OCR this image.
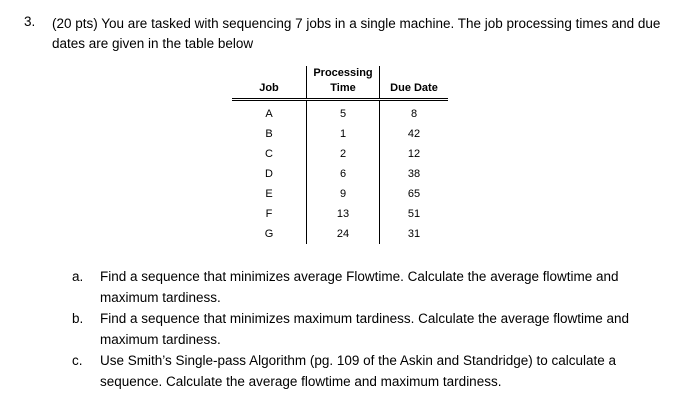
3. (20 pts) You are tasked with sequencing 7 jobs in a single machine. The job processing times and due dates are given in the table below
Job	Processing Time	Due Date
A	5	8
B	1	42
C	2	12
D	6	38
E	9	65
F	13	51
G	24	31
a. Find a sequence that minimizes average Flowtime. Calculate the average flowtime and maximum tardiness.
b. Find a sequence that minimizes maximum tardiness. Calculate the average flowtime and maximum tardiness.
c. Use Smith’s Single-pass Algorithm (pg. 109 of the Askin and Standridge) to calculate a sequence. Calculate the average flowtime and maximum tardiness.
